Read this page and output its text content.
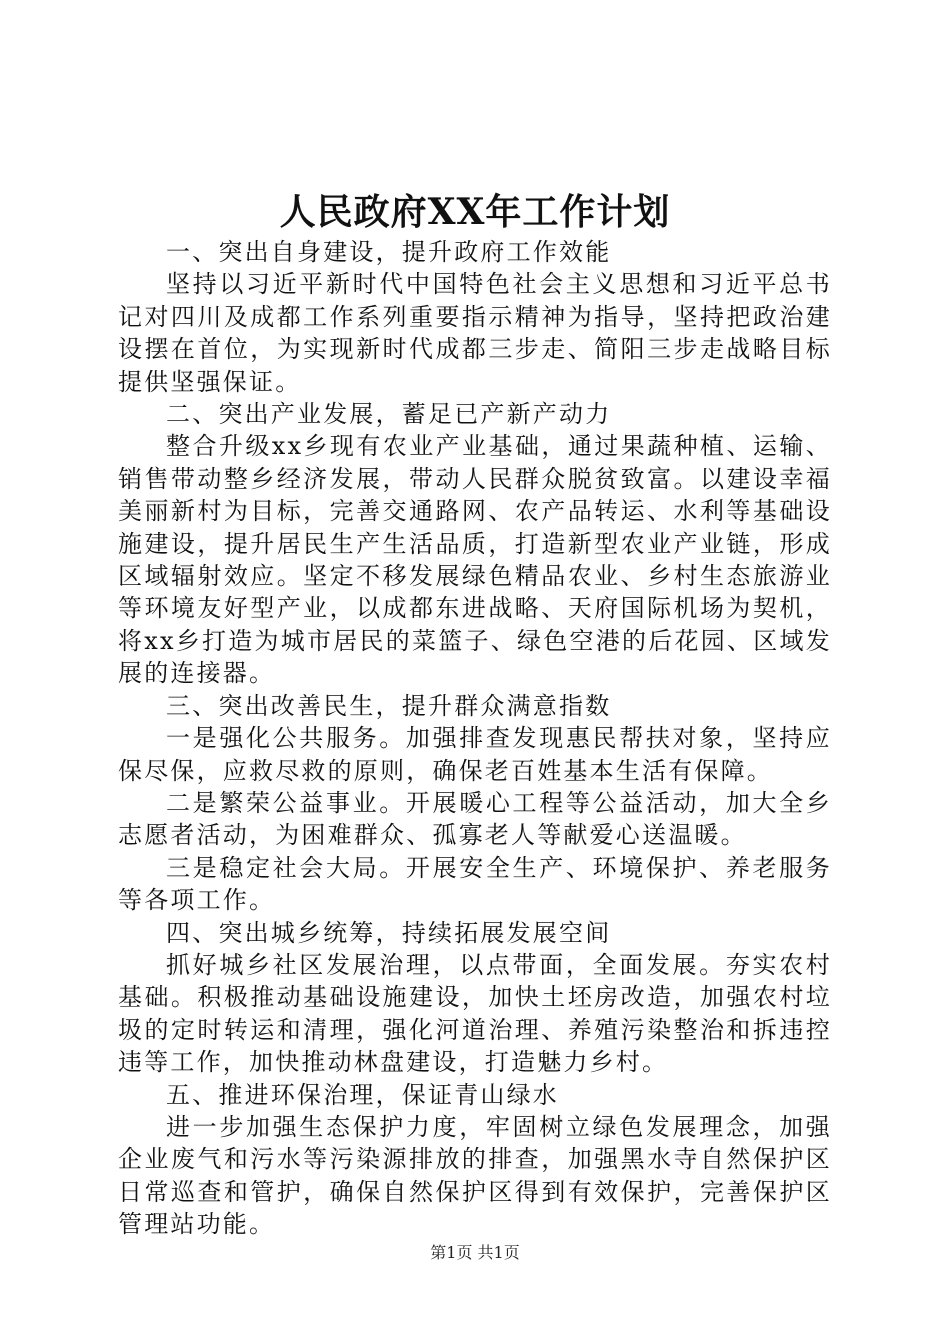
人民政府XX年工作计划

一、突出自身建设，提升政府工作效能

坚持以习近平新时代中国特色社会主义思想和习近平总书记对四川及成都工作系列重要指示精神为指导，坚持把政治建设摆在首位，为实现新时代成都三步走、简阳三步走战略目标提供坚强保证。

二、突出产业发展，蓄足已产新产动力

整合升级xx乡现有农业产业基础，通过果蔬种植、运输、销售带动整乡经济发展，带动人民群众脱贫致富。以建设幸福美丽新村为目标，完善交通路网、农产品转运、水利等基础设施建设，提升居民生产生活品质，打造新型农业产业链，形成区域辐射效应。坚定不移发展绿色精品农业、乡村生态旅游业等环境友好型产业，以成都东进战略、天府国际机场为契机，将xx乡打造为城市居民的菜篮子、绿色空港的后花园、区域发展的连接器。

三、突出改善民生，提升群众满意指数

一是强化公共服务。加强排查发现惠民帮扶对象，坚持应保尽保，应救尽救的原则，确保老百姓基本生活有保障。

二是繁荣公益事业。开展暖心工程等公益活动，加大全乡志愿者活动，为困难群众、孤寡老人等献爱心送温暖。

三是稳定社会大局。开展安全生产、环境保护、养老服务等各项工作。

四、突出城乡统筹，持续拓展发展空间

抓好城乡社区发展治理，以点带面，全面发展。夯实农村基础。积极推动基础设施建设，加快土坯房改造，加强农村垃圾的定时转运和清理，强化河道治理、养殖污染整治和拆违控违等工作，加快推动林盘建设，打造魅力乡村。

五、推进环保治理，保证青山绿水

进一步加强生态保护力度，牢固树立绿色发展理念，加强企业废气和污水等污染源排放的排查，加强黑水寺自然保护区日常巡查和管护，确保自然保护区得到有效保护，完善保护区管理站功能。

第1页 共1页
